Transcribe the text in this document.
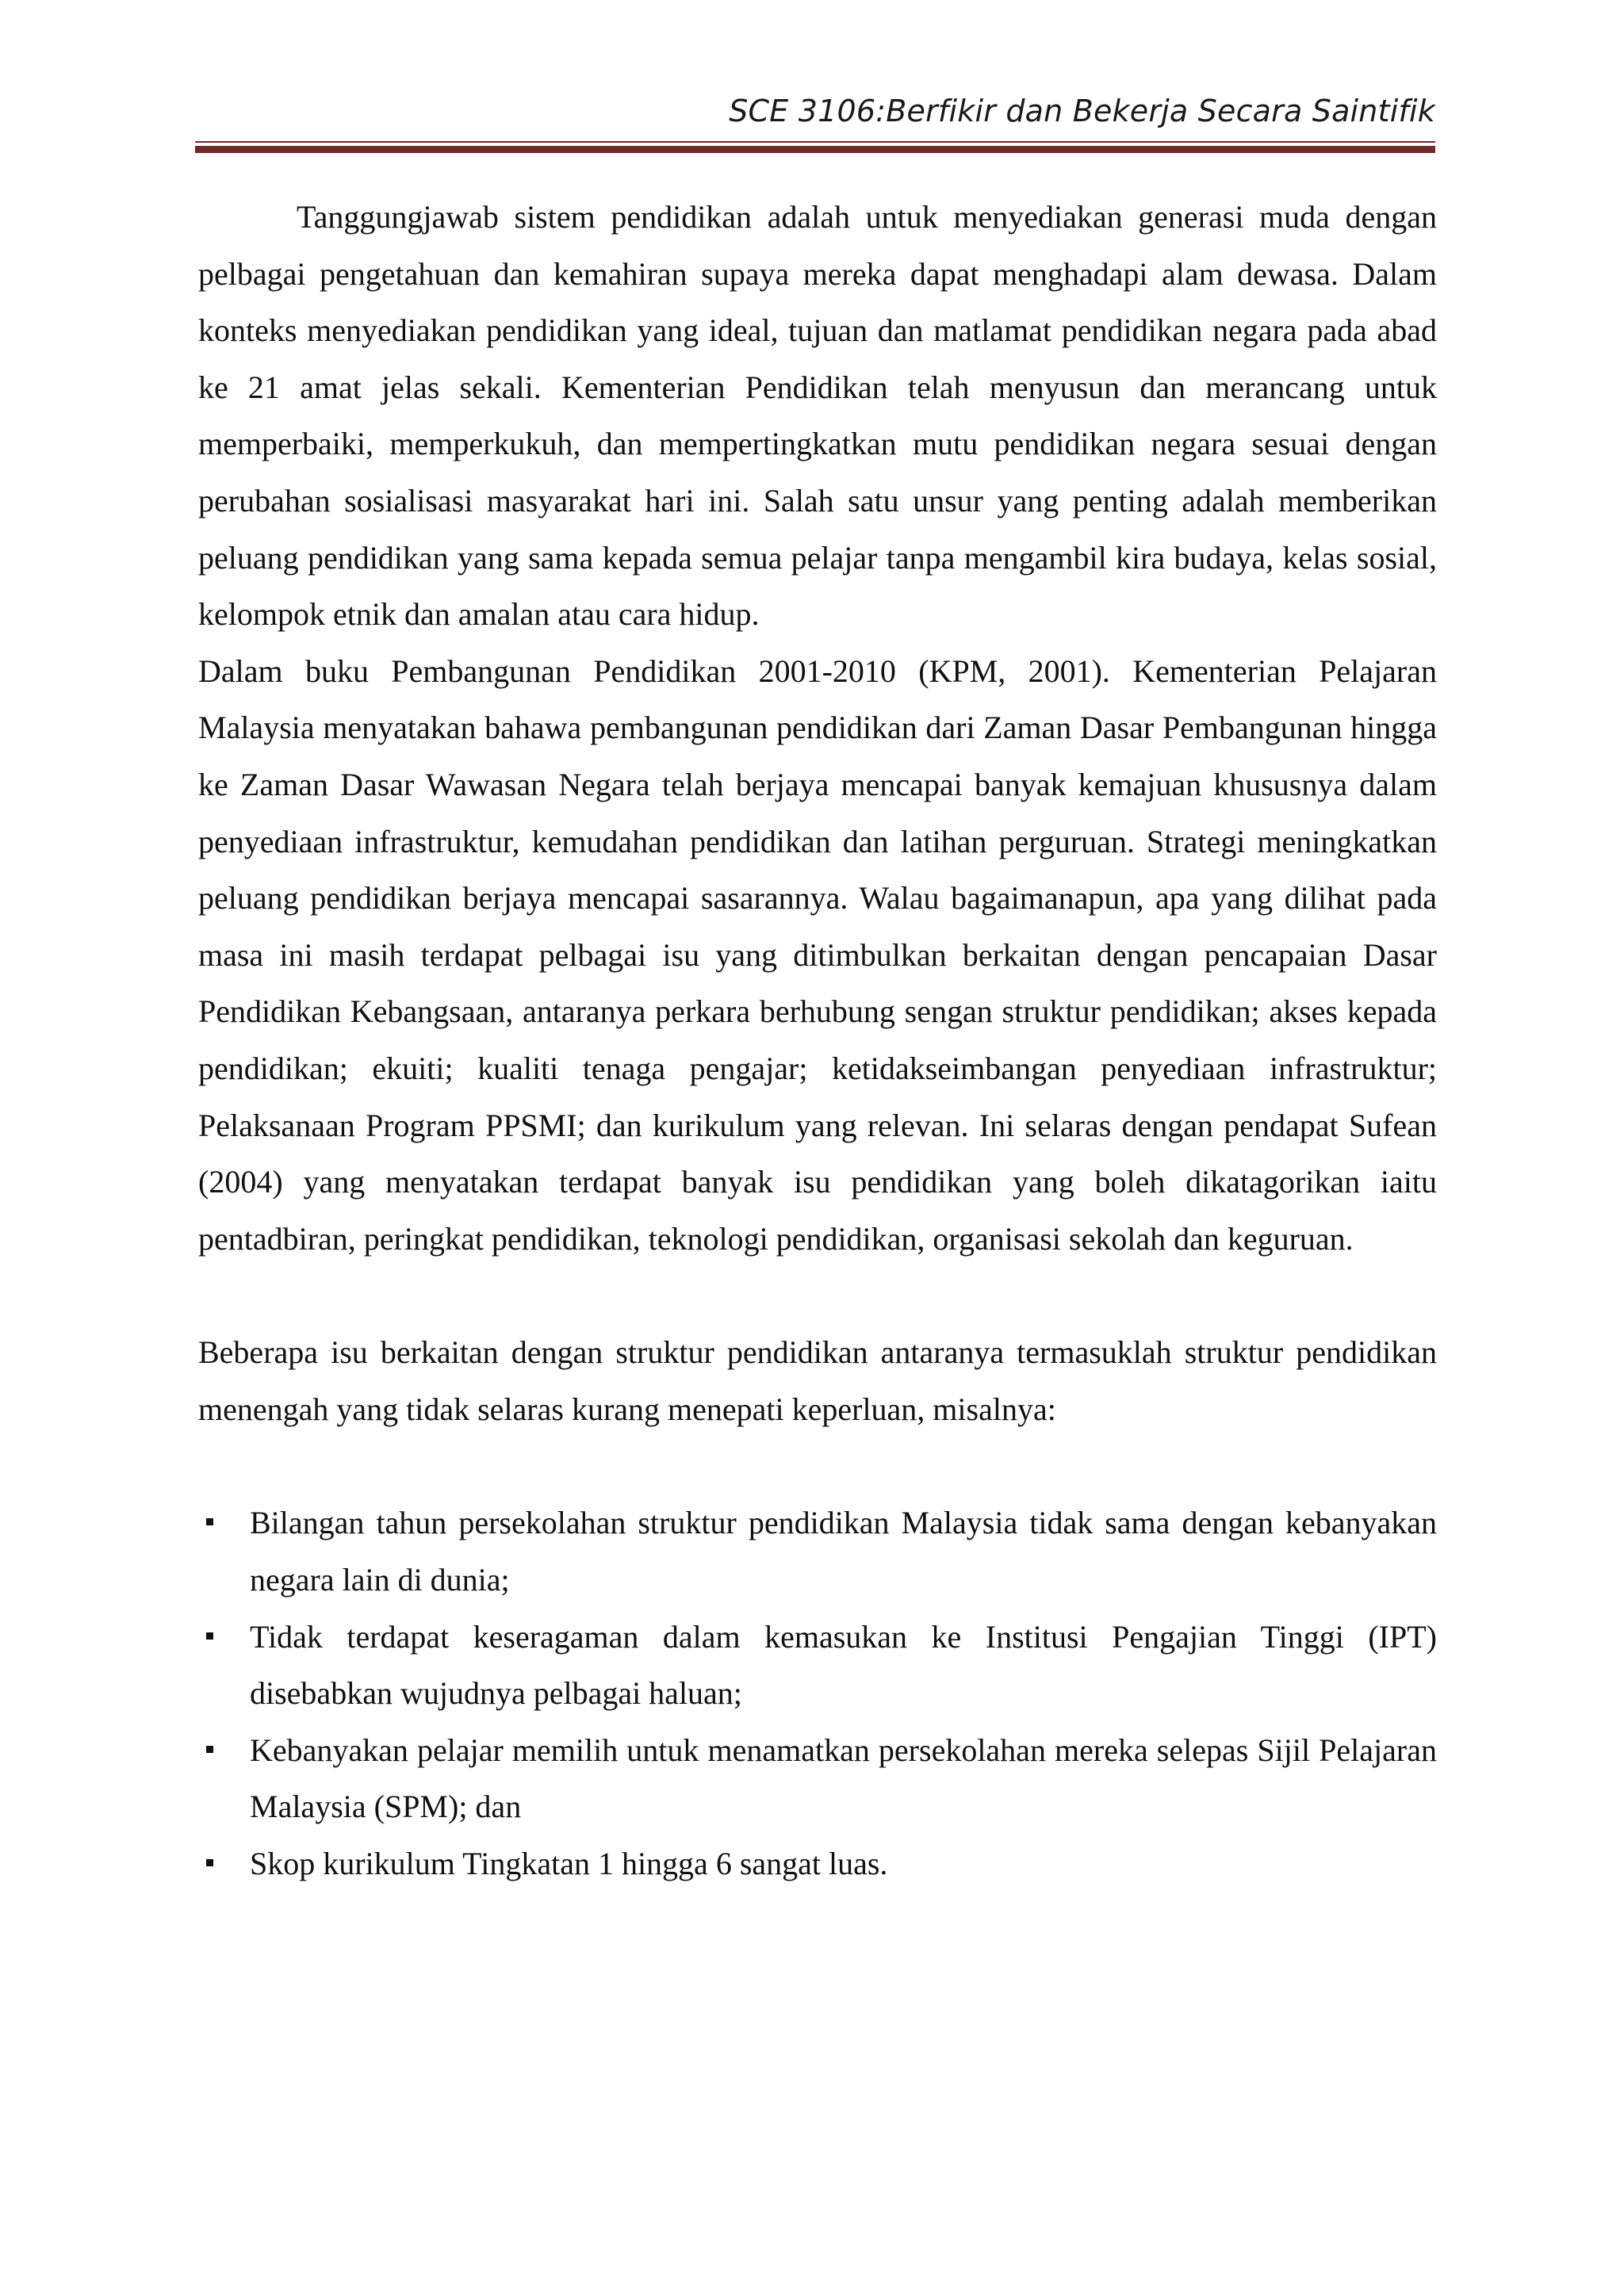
SCE 3106:Berfikir dan Bekerja Secara Saintifik

Tanggungjawab sistem pendidikan adalah untuk menyediakan generasi muda dengan pelbagai pengetahuan dan kemahiran supaya mereka dapat menghadapi alam dewasa. Dalam konteks menyediakan pendidikan yang ideal, tujuan dan matlamat pendidikan negara pada abad ke 21 amat jelas sekali. Kementerian Pendidikan telah menyusun dan merancang untuk memperbaiki, memperkukuh, dan mempertingkatkan mutu pendidikan negara sesuai dengan perubahan sosialisasi masyarakat hari ini. Salah satu unsur yang penting adalah memberikan peluang pendidikan yang sama kepada semua pelajar tanpa mengambil kira budaya, kelas sosial, kelompok etnik dan amalan atau cara hidup.

Dalam buku Pembangunan Pendidikan 2001-2010 (KPM, 2001). Kementerian Pelajaran Malaysia menyatakan bahawa pembangunan pendidikan dari Zaman Dasar Pembangunan hingga ke Zaman Dasar Wawasan Negara telah berjaya mencapai banyak kemajuan khususnya dalam penyediaan infrastruktur, kemudahan pendidikan dan latihan perguruan. Strategi meningkatkan peluang pendidikan berjaya mencapai sasarannya. Walau bagaimanapun, apa yang dilihat pada masa ini masih terdapat pelbagai isu yang ditimbulkan berkaitan dengan pencapaian Dasar Pendidikan Kebangsaan, antaranya perkara berhubung sengan struktur pendidikan; akses kepada pendidikan; ekuiti; kualiti tenaga pengajar; ketidakseimbangan penyediaan infrastruktur; Pelaksanaan Program PPSMI; dan kurikulum yang relevan. Ini selaras dengan pendapat Sufean (2004) yang menyatakan terdapat banyak isu pendidikan yang boleh dikatagorikan iaitu pentadbiran, peringkat pendidikan, teknologi pendidikan, organisasi sekolah dan keguruan.

Beberapa isu berkaitan dengan struktur pendidikan antaranya termasuklah struktur pendidikan menengah yang tidak selaras kurang menepati keperluan, misalnya:

Bilangan tahun persekolahan struktur pendidikan Malaysia tidak sama dengan kebanyakan negara lain di dunia;
Tidak terdapat keseragaman dalam kemasukan ke Institusi Pengajian Tinggi (IPT) disebabkan wujudnya pelbagai haluan;
Kebanyakan pelajar memilih untuk menamatkan persekolahan mereka selepas Sijil Pelajaran Malaysia (SPM); dan
Skop kurikulum Tingkatan 1 hingga 6 sangat luas.
